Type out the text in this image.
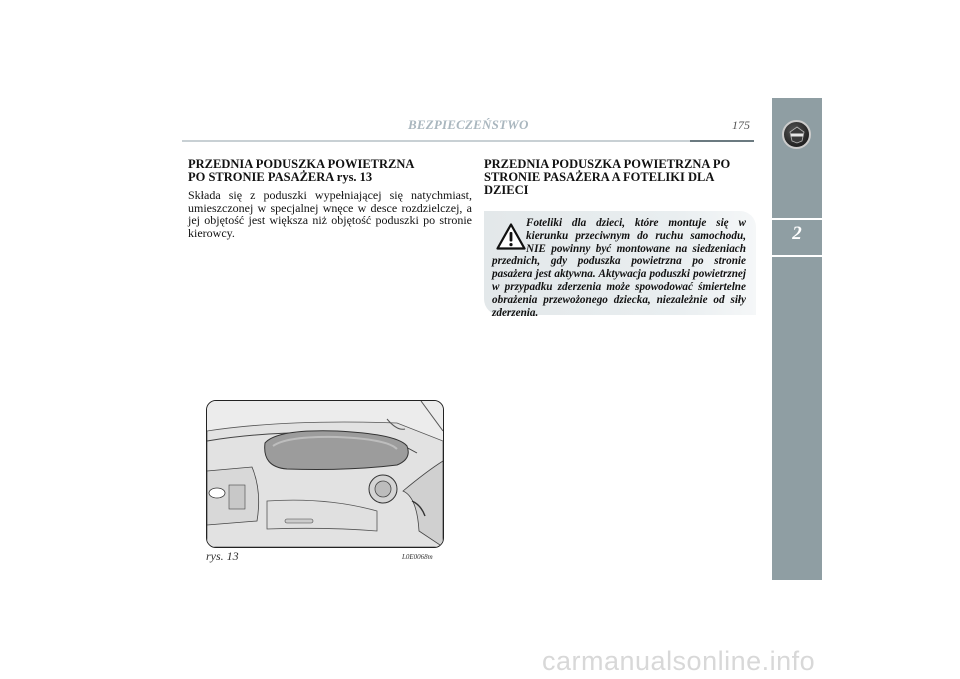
BEZPIECZEŃSTWO	175
2

PRZEDNIA PODUSZKA POWIETRZNA
PO STRONIE PASAŻERA rys. 13

Składa się z poduszki wypełniającej się natychmiast, umieszczonej w specjalnej wnęce w desce rozdzielczej, a jej objętość jest większa niż objętość poduszki po stronie kierowcy.

PRZEDNIA PODUSZKA POWIETRZNA PO
STRONIE PASAŻERA A FOTELIKI DLA DZIECI

Foteliki dla dzieci, które montuje się w kierunku przeciwnym do ruchu samochodu, NIE powinny być montowane na siedzeniach przednich, gdy poduszka powietrzna po stronie pasażera jest aktywna. Aktywacja poduszki powietrznej w przypadku zderzenia może spowodować śmiertelne obrażenia przewożonego dziecka, niezależnie od siły zderzenia.
rys. 13	L0E0068m
carmanualsonline.info
